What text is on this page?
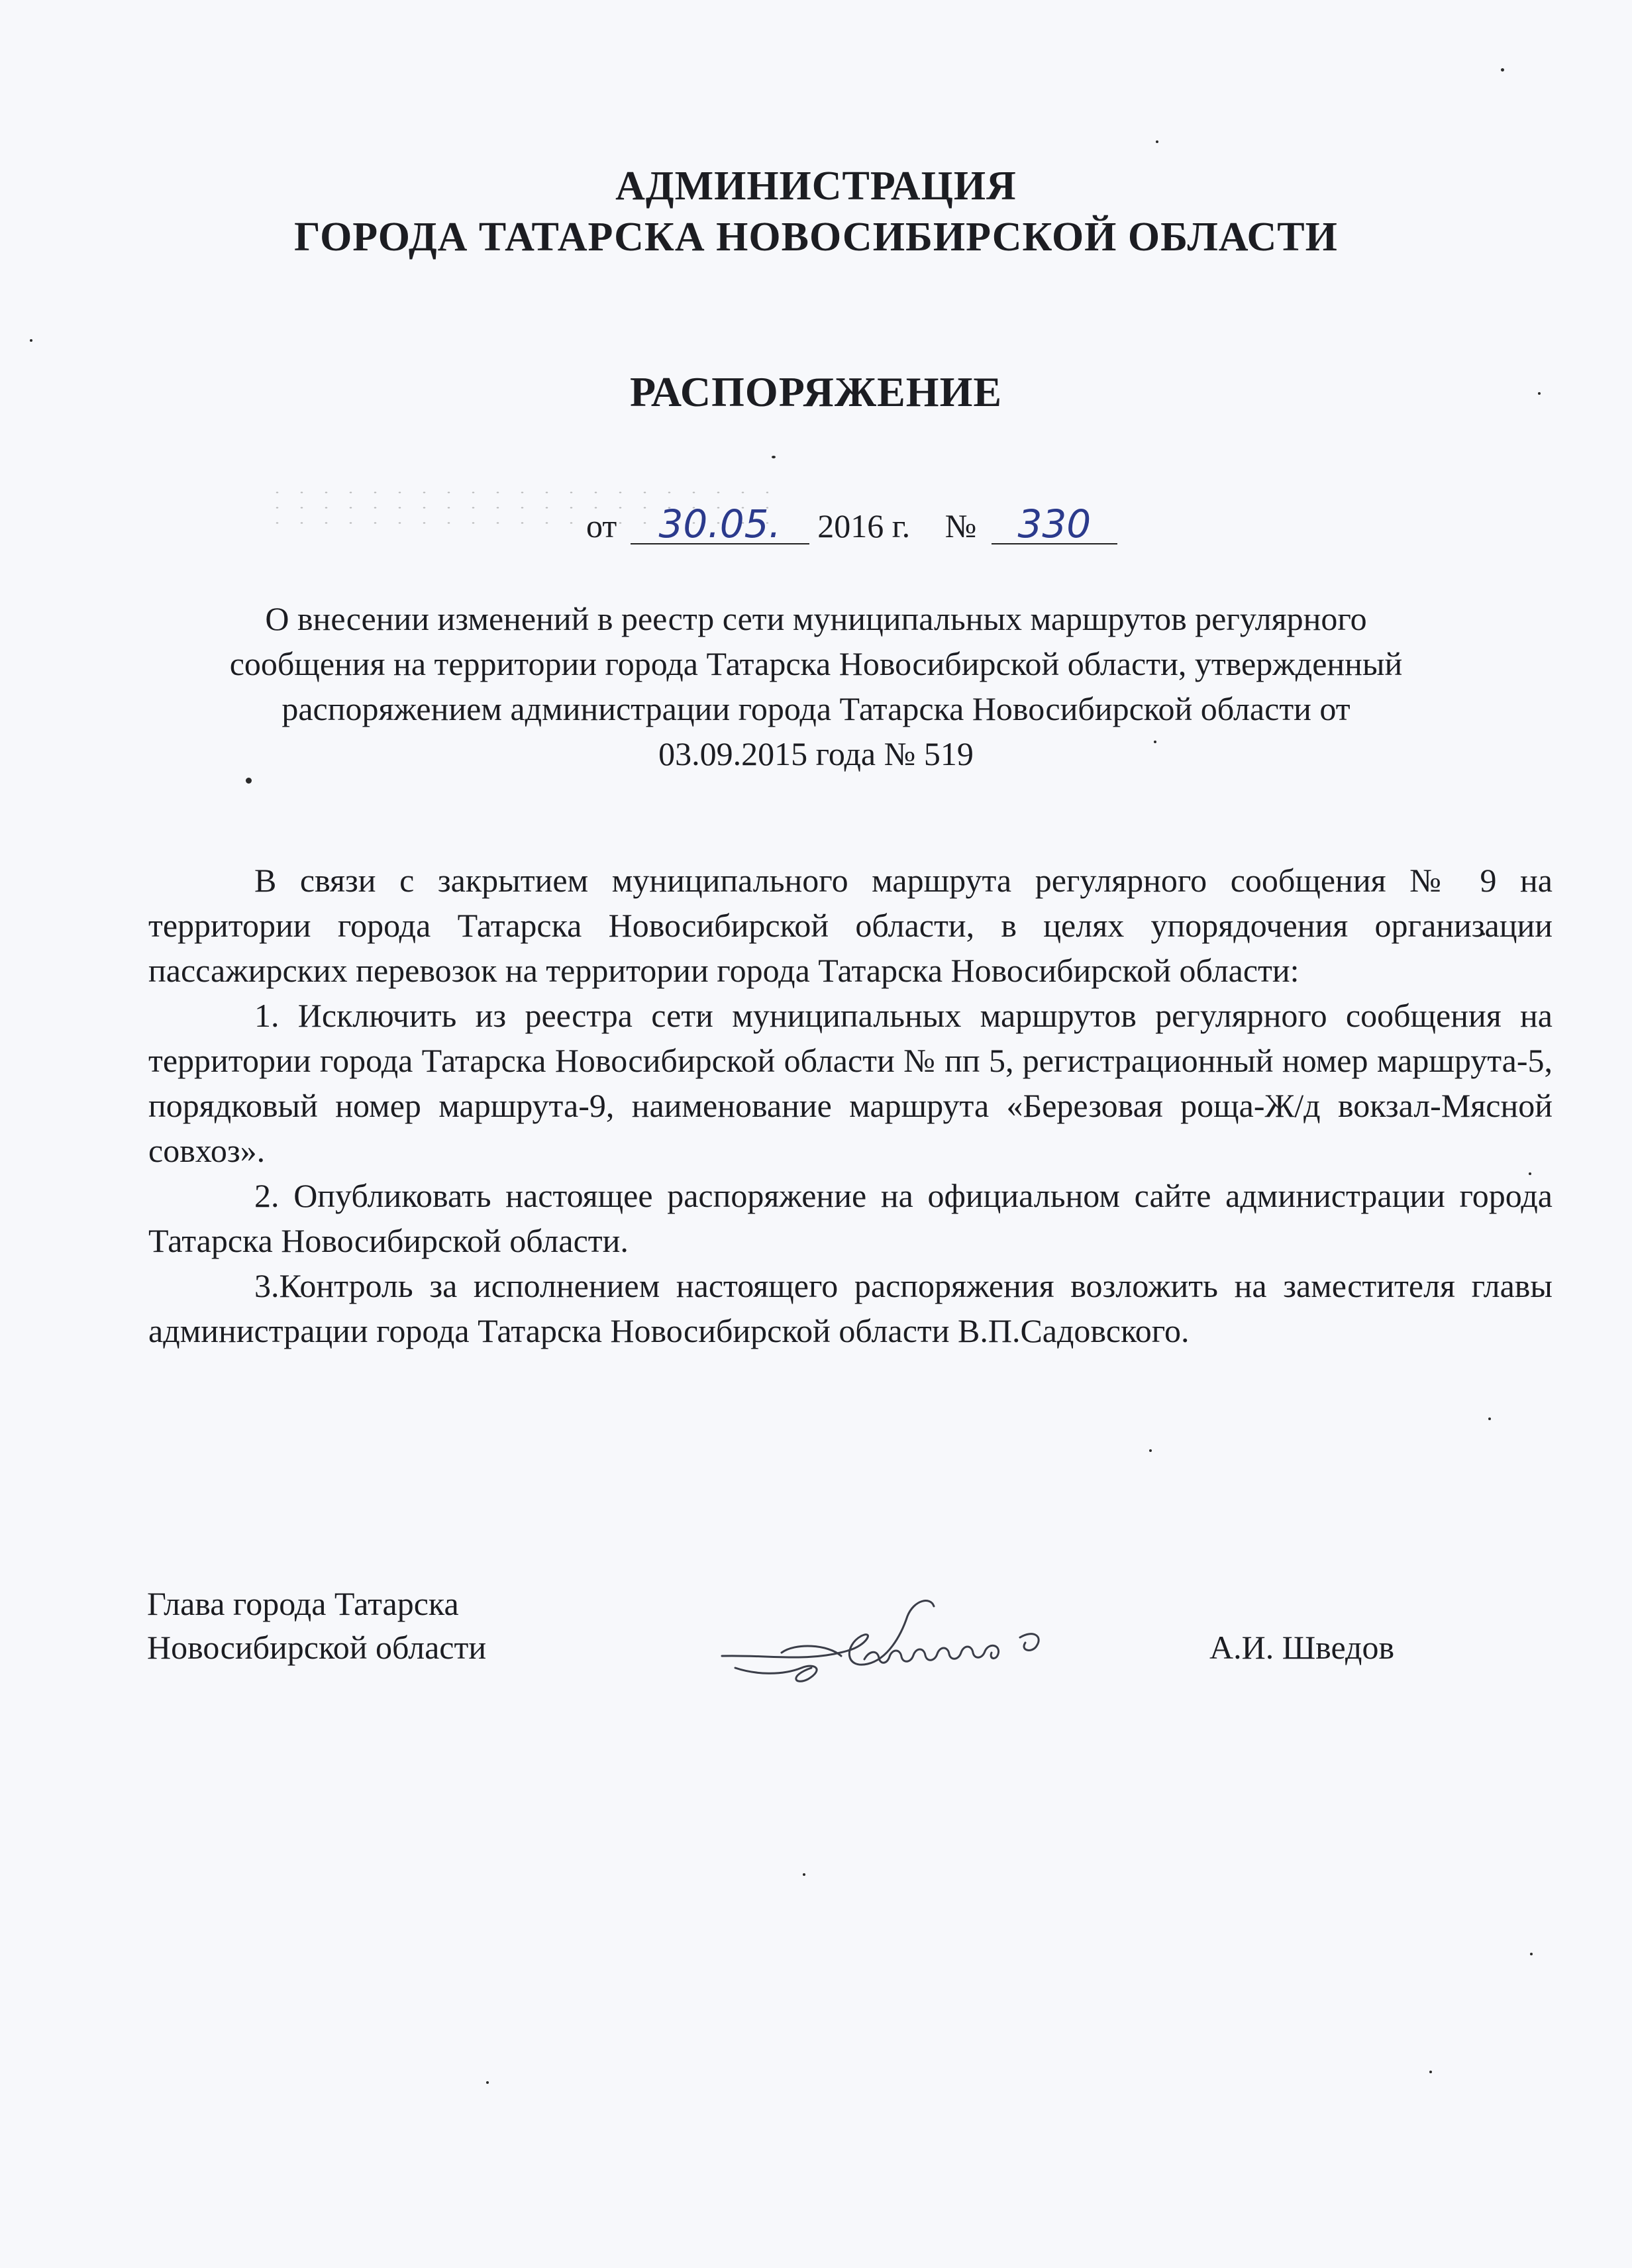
АДМИНИСТРАЦИЯ
ГОРОДА ТАТАРСКА НОВОСИБИРСКОЙ ОБЛАСТИ
РАСПОРЯЖЕНИЕ
от 30.05. 2016 г. № 330
О внесении изменений в реестр сети муниципальных маршрутов регулярного
сообщения на территории города Татарска Новосибирской области, утвержденный
распоряжением администрации города Татарска Новосибирской области от
03.09.2015 года № 519

В связи с закрытием муниципального маршрута регулярного сообщения № 9 на территории города Татарска Новосибирской области, в целях упорядочения организации пассажирских перевозок на территории города Татарска Новосибирской области:

1. Исключить из реестра сети муниципальных маршрутов регулярного сообщения на территории города Татарска Новосибирской области № пп 5, регистрационный номер маршрута-5, порядковый номер маршрута-9, наименование маршрута «Березовая роща-Ж/д вокзал-Мясной совхоз».

2. Опубликовать настоящее распоряжение на официальном сайте администрации города Татарска Новосибирской области.

3.Контроль за исполнением настоящего распоряжения возложить на заместителя главы администрации города Татарска Новосибирской области В.П.Садовского.

Глава города Татарска
Новосибирской области	А.И. Шведов
